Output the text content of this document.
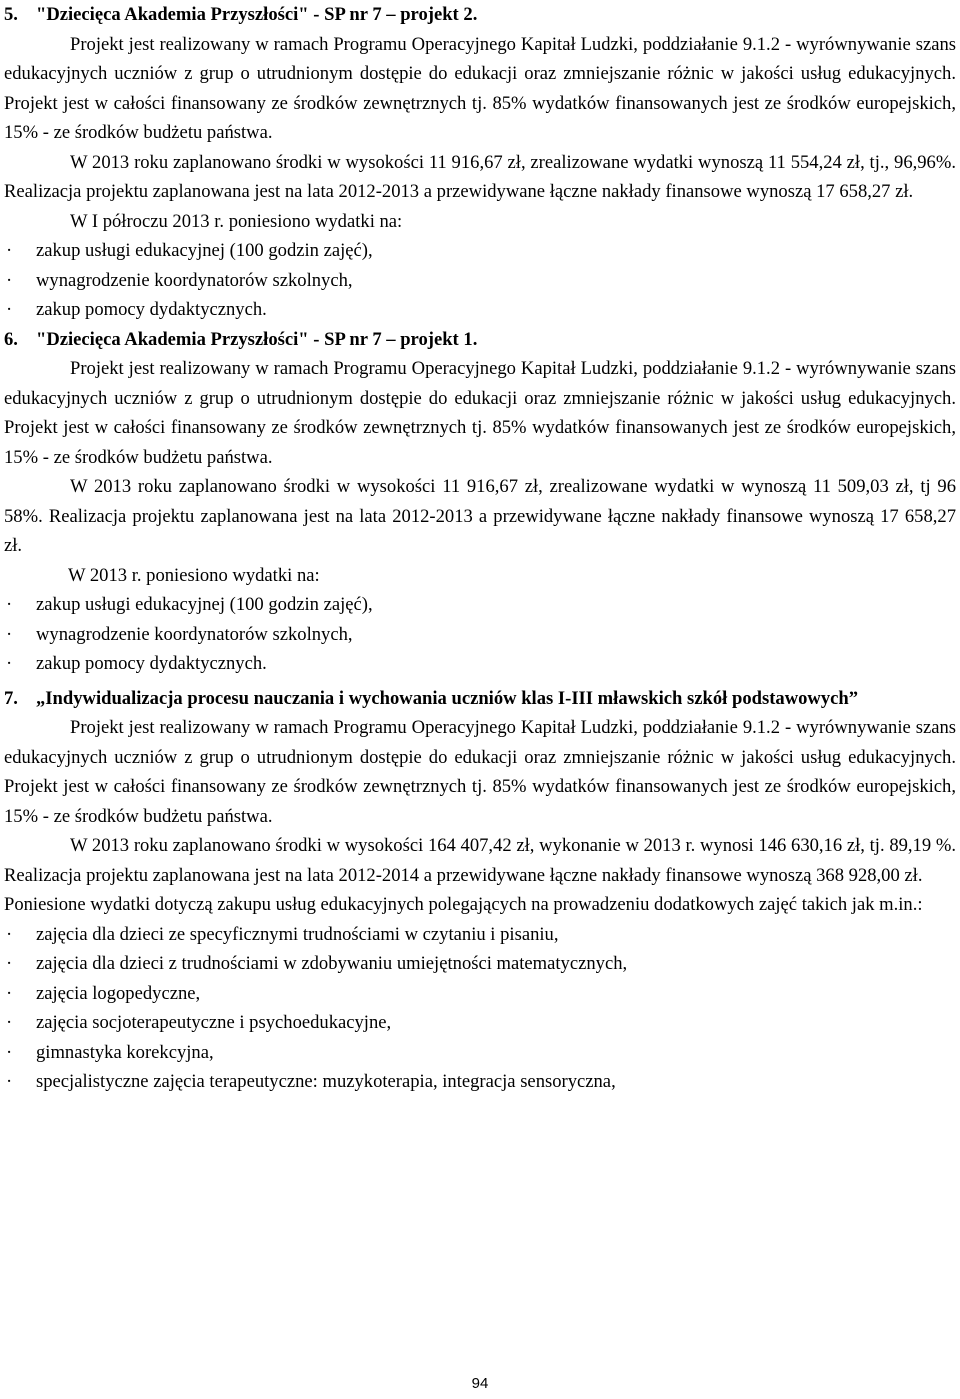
5. "Dziecięca Akademia Przyszłości" - SP nr 7 – projekt 2.

Projekt jest realizowany w ramach Programu Operacyjnego Kapitał Ludzki, poddziałanie 9.1.2 - wyrównywanie szans edukacyjnych uczniów z grup o utrudnionym dostępie do edukacji oraz zmniejszanie różnic w jakości usług edukacyjnych. Projekt jest w całości finansowany ze środków zewnętrznych tj. 85% wydatków finansowanych jest ze środków europejskich, 15% - ze środków budżetu państwa.

W 2013 roku zaplanowano środki w wysokości 11 916,67 zł, zrealizowane wydatki wynoszą 11 554,24 zł, tj., 96,96%. Realizacja projektu zaplanowana jest na lata 2012-2013 a przewidywane łączne nakłady finansowe wynoszą 17 658,27 zł.

W I półroczu 2013 r. poniesiono wydatki na:

·	zakup usługi edukacyjnej (100 godzin zajęć),
·	wynagrodzenie koordynatorów szkolnych,
·	zakup pomocy dydaktycznych.
6. "Dziecięca Akademia Przyszłości" - SP nr 7 – projekt 1.

Projekt jest realizowany w ramach Programu Operacyjnego Kapitał Ludzki, poddziałanie 9.1.2 - wyrównywanie szans edukacyjnych uczniów z grup o utrudnionym dostępie do edukacji oraz zmniejszanie różnic w jakości usług edukacyjnych. Projekt jest w całości finansowany ze środków zewnętrznych tj. 85% wydatków finansowanych jest ze środków europejskich, 15% - ze środków budżetu państwa.

W 2013 roku zaplanowano środki w wysokości 11 916,67 zł, zrealizowane wydatki w wynoszą 11 509,03 zł, tj 96 58%. Realizacja projektu zaplanowana jest na lata 2012-2013 a przewidywane łączne nakłady finansowe wynoszą 17 658,27 zł.

W 2013 r. poniesiono wydatki na:

·	zakup usługi edukacyjnej (100 godzin zajęć),
·	wynagrodzenie koordynatorów szkolnych,
·	zakup pomocy dydaktycznych.
7. „Indywidualizacja procesu nauczania i wychowania uczniów klas I-III mławskich szkół podstawowych”

Projekt jest realizowany w ramach Programu Operacyjnego Kapitał Ludzki, poddziałanie 9.1.2 - wyrównywanie szans edukacyjnych uczniów z grup o utrudnionym dostępie do edukacji oraz zmniejszanie różnic w jakości usług edukacyjnych. Projekt jest w całości finansowany ze środków zewnętrznych tj. 85% wydatków finansowanych jest ze środków europejskich, 15% - ze środków budżetu państwa.

W 2013 roku zaplanowano środki w wysokości 164 407,42 zł, wykonanie w 2013 r. wynosi 146 630,16 zł, tj. 89,19 %. Realizacja projektu zaplanowana jest na lata 2012-2014 a przewidywane łączne nakłady finansowe wynoszą 368 928,00 zł.

Poniesione wydatki dotyczą zakupu usług edukacyjnych polegających na prowadzeniu dodatkowych zajęć takich jak m.in.:

·	zajęcia dla dzieci ze specyficznymi trudnościami w czytaniu i pisaniu,
·	zajęcia dla dzieci z trudnościami w zdobywaniu umiejętności matematycznych,
·	zajęcia logopedyczne,
·	zajęcia socjoterapeutyczne i psychoedukacyjne,
·	gimnastyka korekcyjna,
·	specjalistyczne zajęcia terapeutyczne: muzykoterapia, integracja sensoryczna,
94
